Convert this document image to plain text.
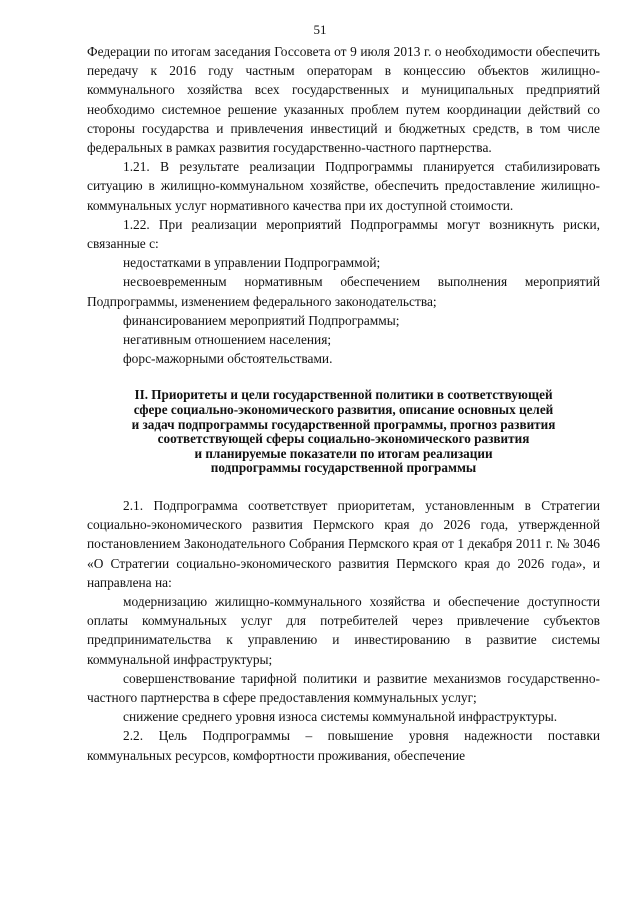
51

Федерации по итогам заседания Госсовета от 9 июля 2013 г. о необходимости обеспечить передачу к 2016 году частным операторам в концессию объектов жилищно-коммунального хозяйства всех государственных и муниципальных предприятий необходимо системное решение указанных проблем путем координации действий со стороны государства и привлечения инвестиций и бюджетных средств, в том числе федеральных в рамках развития государственно-частного партнерства.

1.21. В результате реализации Подпрограммы планируется стабилизировать ситуацию в жилищно-коммунальном хозяйстве, обеспечить предоставление жилищно-коммунальных услуг нормативного качества при их доступной стоимости.

1.22. При реализации мероприятий Подпрограммы могут возникнуть риски, связанные с:

недостатками в управлении Подпрограммой;

несвоевременным нормативным обеспечением выполнения мероприятий Подпрограммы, изменением федерального законодательства;

финансированием мероприятий Подпрограммы;

негативным отношением населения;

форс-мажорными обстоятельствами.

II. Приоритеты и цели государственной политики в соответствующей

сфере социально-экономического развития, описание основных целей

и задач подпрограммы государственной программы, прогноз развития

соответствующей сферы социально-экономического развития

и планируемые показатели по итогам реализации

подпрограммы государственной программы

2.1. Подпрограмма соответствует приоритетам, установленным в Стратегии социально-экономического развития Пермского края до 2026 года, утвержденной постановлением Законодательного Собрания Пермского края от 1 декабря 2011 г. № 3046 «О Стратегии социально-экономического развития Пермского края до 2026 года», и направлена на:

модернизацию жилищно-коммунального хозяйства и обеспечение доступности оплаты коммунальных услуг для потребителей через привлечение субъектов предпринимательства к управлению и инвестированию в развитие системы коммунальной инфраструктуры;

совершенствование тарифной политики и развитие механизмов государственно-частного партнерства в сфере предоставления коммунальных услуг;

снижение среднего уровня износа системы коммунальной инфраструктуры.

2.2. Цель Подпрограммы – повышение уровня надежности поставки коммунальных ресурсов, комфортности проживания, обеспечение
